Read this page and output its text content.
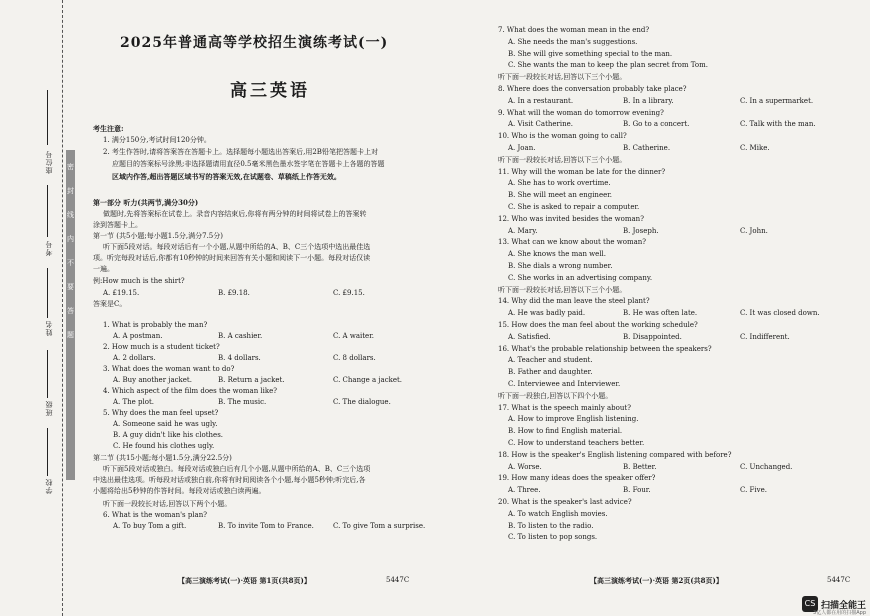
座位号
考号
姓名
班级
学校
密
封
线
内
不
要
答
题
2025年普通高等学校招生演练考试(一)
高三英语
考生注意:
1. 满分150分,考试时间120分钟。
2. 考生作答时,请将答案答在答题卡上。选择题每小题选出答案后,用2B铅笔把答题卡上对
应题目的答案标号涂黑;非选择题请用直径0.5毫米黑色墨水签字笔在答题卡上各题的答题
区域内作答,超出答题区域书写的答案无效,在试题卷、草稿纸上作答无效。
第一部分 听力(共两节,满分30分)
做题时,先将答案标在试卷上。录音内容结束后,你将有两分钟的时间将试卷上的答案转
涂到答题卡上。
第一节 (共5小题;每小题1.5分,满分7.5分)
听下面5段对话。每段对话后有一个小题,从题中所给的A、B、C三个选项中选出最佳选
项。听完每段对话后,你都有10秒钟的时间来回答有关小题和阅读下一小题。每段对话仅读
一遍。
例:How much is the shirt?
A. £19.15.	B. £9.18.	C. £9.15.
答案是C。
1. What is probably the man?
A. A postman.	B. A cashier.	C. A waiter.
2. How much is a student ticket?
A. 2 dollars.	B. 4 dollars.	C. 8 dollars.
3. What does the woman want to do?
A. Buy another jacket.	B. Return a jacket.	C. Change a jacket.
4. Which aspect of the film does the woman like?
A. The plot.	B. The music.	C. The dialogue.
5. Why does the man feel upset?
A. Someone said he was ugly.
B. A guy didn't like his clothes.
C. He found his clothes ugly.
第二节 (共15小题;每小题1.5分,满分22.5分)
听下面5段对话或独白。每段对话或独白后有几个小题,从题中所给的A、B、C三个选项
中选出最佳选项。听每段对话或独白前,你将有时间阅读各个小题,每小题5秒钟;听完后,各
小题将给出5秒钟的作答时间。每段对话或独白读两遍。
听下面一段较长对话,回答以下两个小题。
6. What is the woman's plan?
A. To buy Tom a gift.	B. To invite Tom to France.	C. To give Tom a surprise.
【高三演练考试(一)·英语 第1页(共8页)】	5447C
7. What does the woman mean in the end?
A. She needs the man's suggestions.
B. She will give something special to the man.
C. She wants the man to keep the plan secret from Tom.
听下面一段较长对话,回答以下三个小题。
8. Where does the conversation probably take place?
A. In a restaurant.	B. In a library.	C. In a supermarket.
9. What will the woman do tomorrow evening?
A. Visit Catherine.	B. Go to a concert.	C. Talk with the man.
10. Who is the woman going to call?
A. Joan.	B. Catherine.	C. Mike.
听下面一段较长对话,回答以下三个小题。
11. Why will the woman be late for the dinner?
A. She has to work overtime.
B. She will meet an engineer.
C. She is asked to repair a computer.
12. Who was invited besides the woman?
A. Mary.	B. Joseph.	C. John.
13. What can we know about the woman?
A. She knows the man well.
B. She dials a wrong number.
C. She works in an advertising company.
听下面一段较长对话,回答以下三个小题。
14. Why did the man leave the steel plant?
A. He was badly paid.	B. He was often late.	C. It was closed down.
15. How does the man feel about the working schedule?
A. Satisfied.	B. Disappointed.	C. Indifferent.
16. What's the probable relationship between the speakers?
A. Teacher and student.
B. Father and daughter.
C. Interviewee and Interviewer.
听下面一段独白,回答以下四个小题。
17. What is the speech mainly about?
A. How to improve English listening.
B. How to find English material.
C. How to understand teachers better.
18. How is the speaker's English listening compared with before?
A. Worse.	B. Better.	C. Unchanged.
19. How many ideas does the speaker offer?
A. Three.	B. Four.	C. Five.
20. What is the speaker's last advice?
A. To watch English movies.
B. To listen to the radio.
C. To listen to pop songs.
【高三演练考试(一)·英语 第2页(共8页)】	5447C
CS 扫描全能王
3亿人都在用的扫描App
